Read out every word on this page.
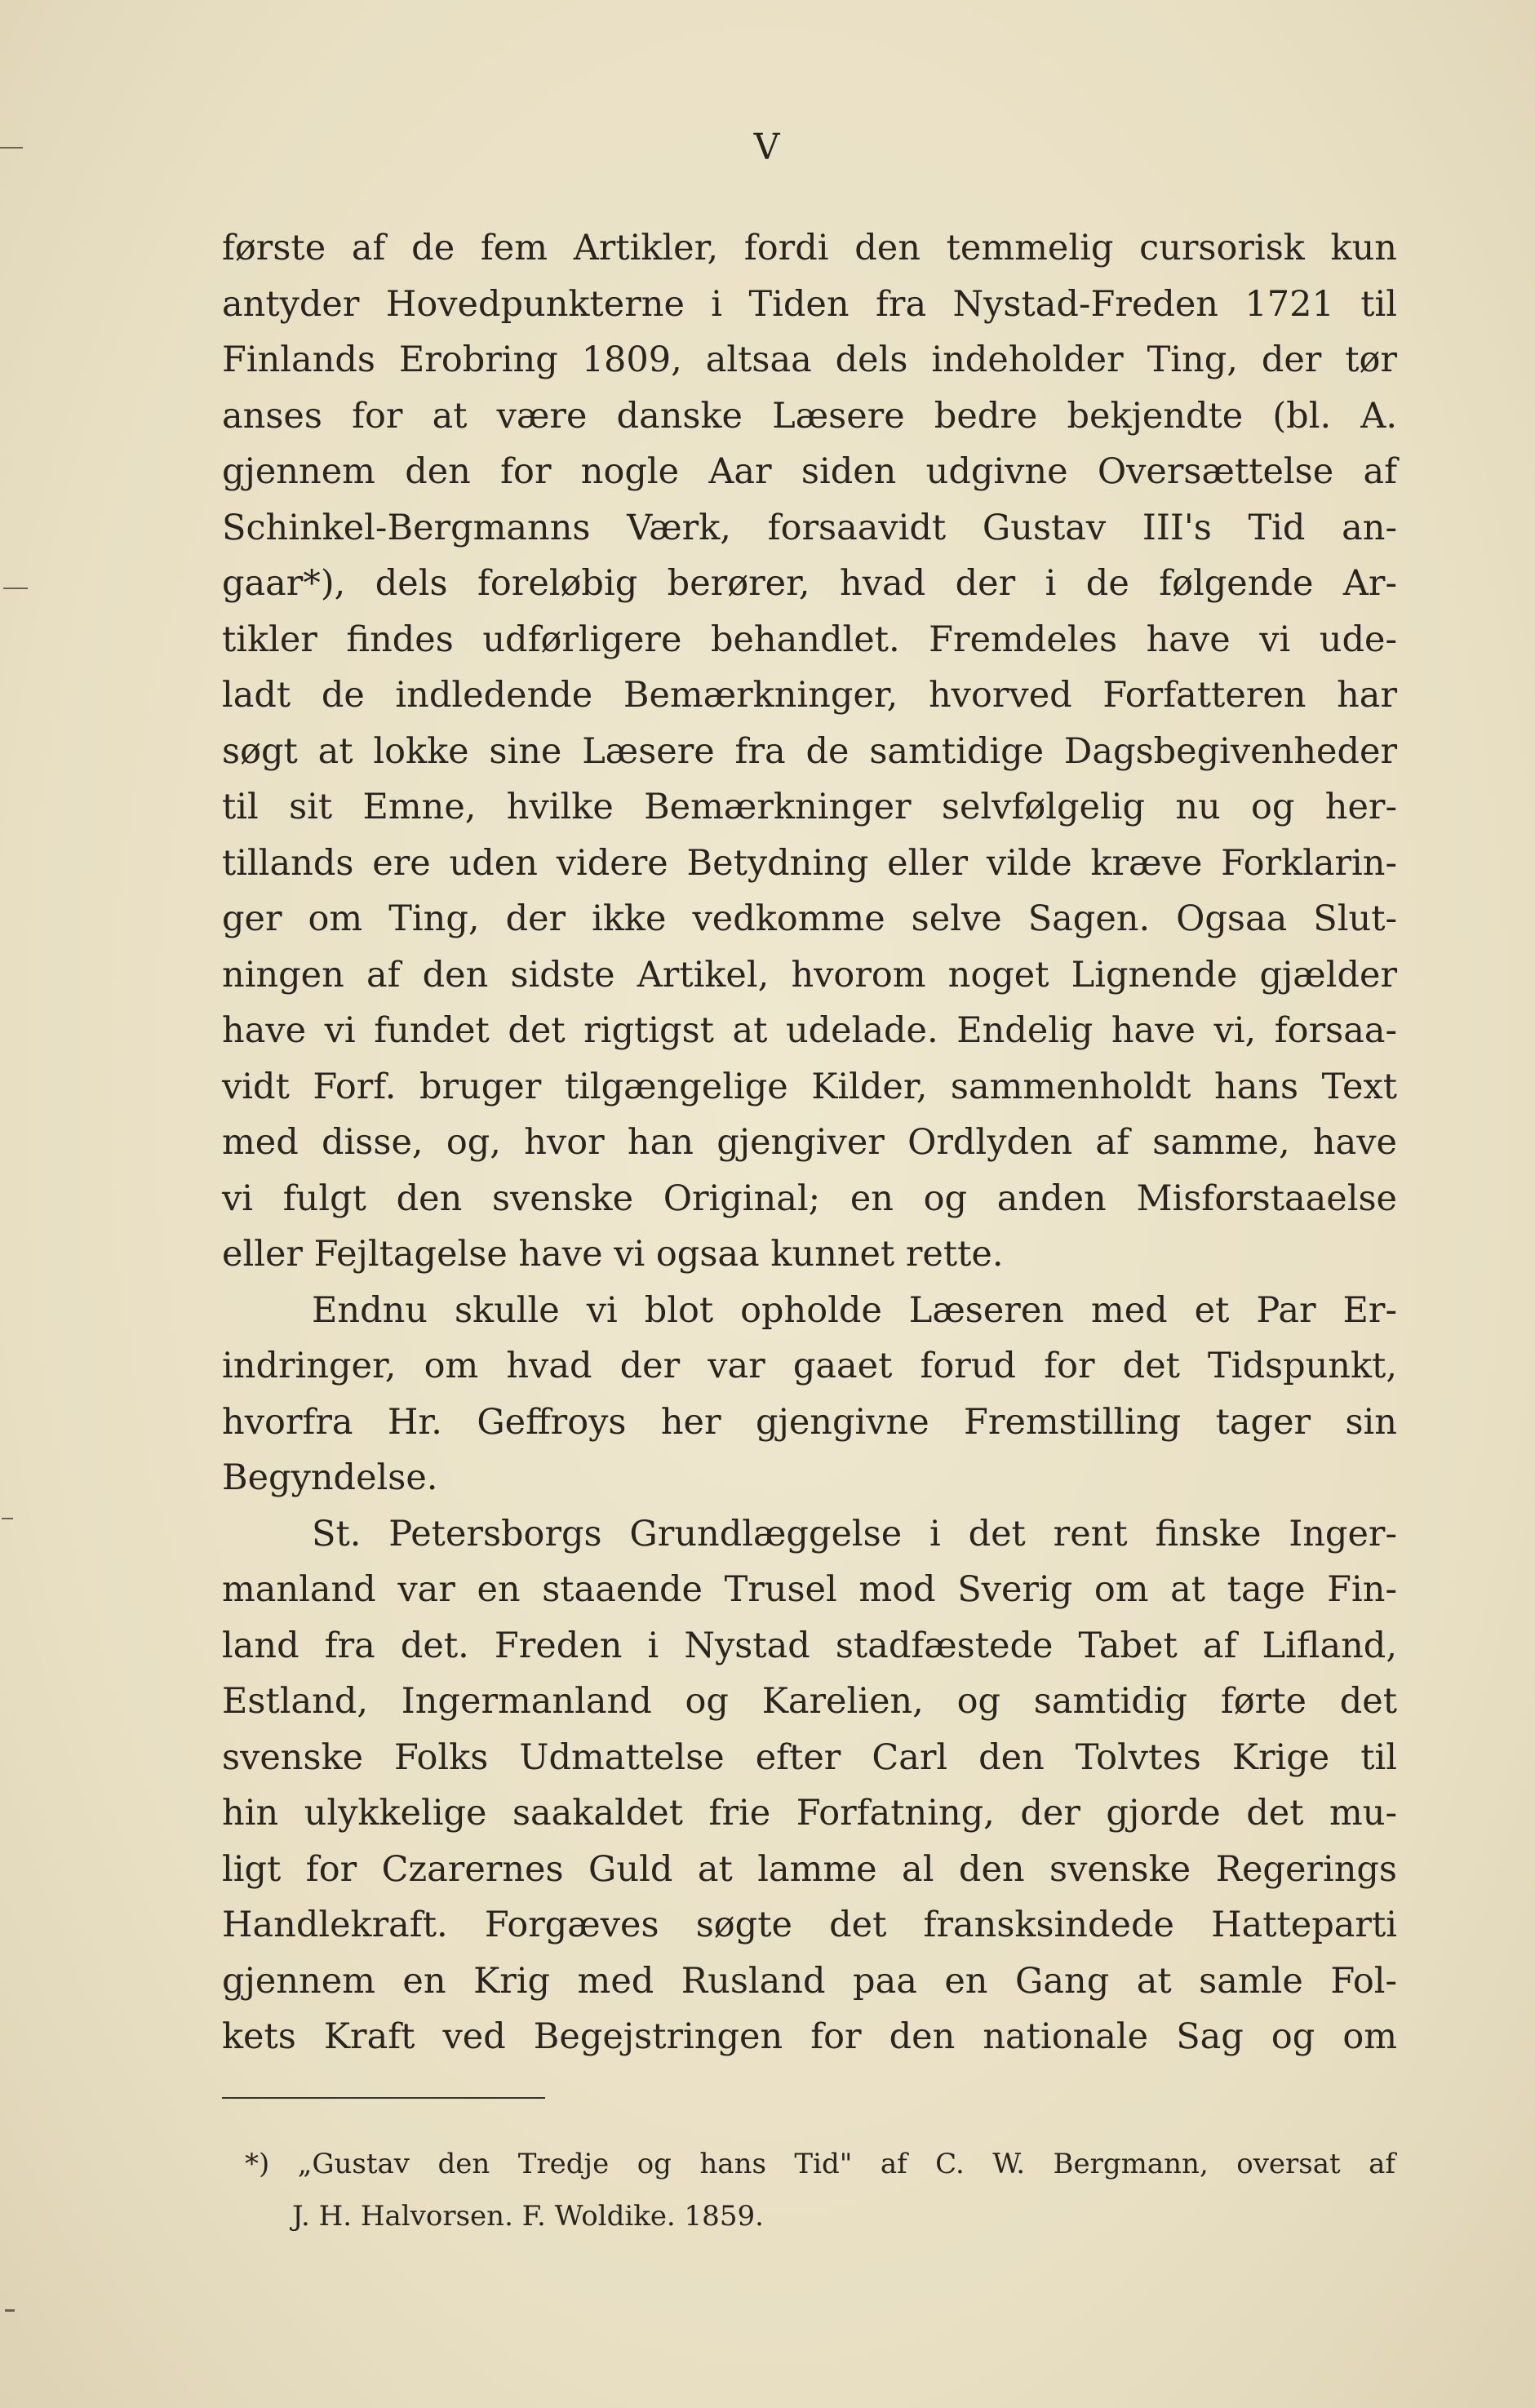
V
første af de fem Artikler, fordi den temmelig cursorisk kun
antyder Hovedpunkterne i Tiden fra Nystad-Freden 1721 til
Finlands Erobring 1809, altsaa dels indeholder Ting, der tør
anses for at være danske Læsere bedre bekjendte (bl. A.
gjennem den for nogle Aar siden udgivne Oversættelse af
Schinkel-Bergmanns Værk, forsaavidt Gustav III's Tid an-
gaar*), dels foreløbig berører, hvad der i de følgende Ar-
tikler findes udførligere behandlet. Fremdeles have vi ude-
ladt de indledende Bemærkninger, hvorved Forfatteren har
søgt at lokke sine Læsere fra de samtidige Dagsbegivenheder
til sit Emne, hvilke Bemærkninger selvfølgelig nu og her-
tillands ere uden videre Betydning eller vilde kræve Forklarin-
ger om Ting, der ikke vedkomme selve Sagen. Ogsaa Slut-
ningen af den sidste Artikel, hvorom noget Lignende gjælder
have vi fundet det rigtigst at udelade. Endelig have vi, forsaa-
vidt Forf. bruger tilgængelige Kilder, sammenholdt hans Text
med disse, og, hvor han gjengiver Ordlyden af samme, have
vi fulgt den svenske Original; en og anden Misforstaaelse
eller Fejltagelse have vi ogsaa kunnet rette.
Endnu skulle vi blot opholde Læseren med et Par Er-
indringer, om hvad der var gaaet forud for det Tidspunkt,
hvorfra Hr. Geffroys her gjengivne Fremstilling tager sin
Begyndelse.
St. Petersborgs Grundlæggelse i det rent finske Inger-
manland var en staaende Trusel mod Sverig om at tage Fin-
land fra det. Freden i Nystad stadfæstede Tabet af Lifland,
Estland, Ingermanland og Karelien, og samtidig førte det
svenske Folks Udmattelse efter Carl den Tolvtes Krige til
hin ulykkelige saakaldet frie Forfatning, der gjorde det mu-
ligt for Czarernes Guld at lamme al den svenske Regerings
Handlekraft. Forgæves søgte det fransksindede Hatteparti
gjennem en Krig med Rusland paa en Gang at samle Fol-
kets Kraft ved Begejstringen for den nationale Sag og om
*) „Gustav den Tredje og hans Tid" af C. W. Bergmann, oversat af
J. H. Halvorsen. F. Woldike. 1859.
